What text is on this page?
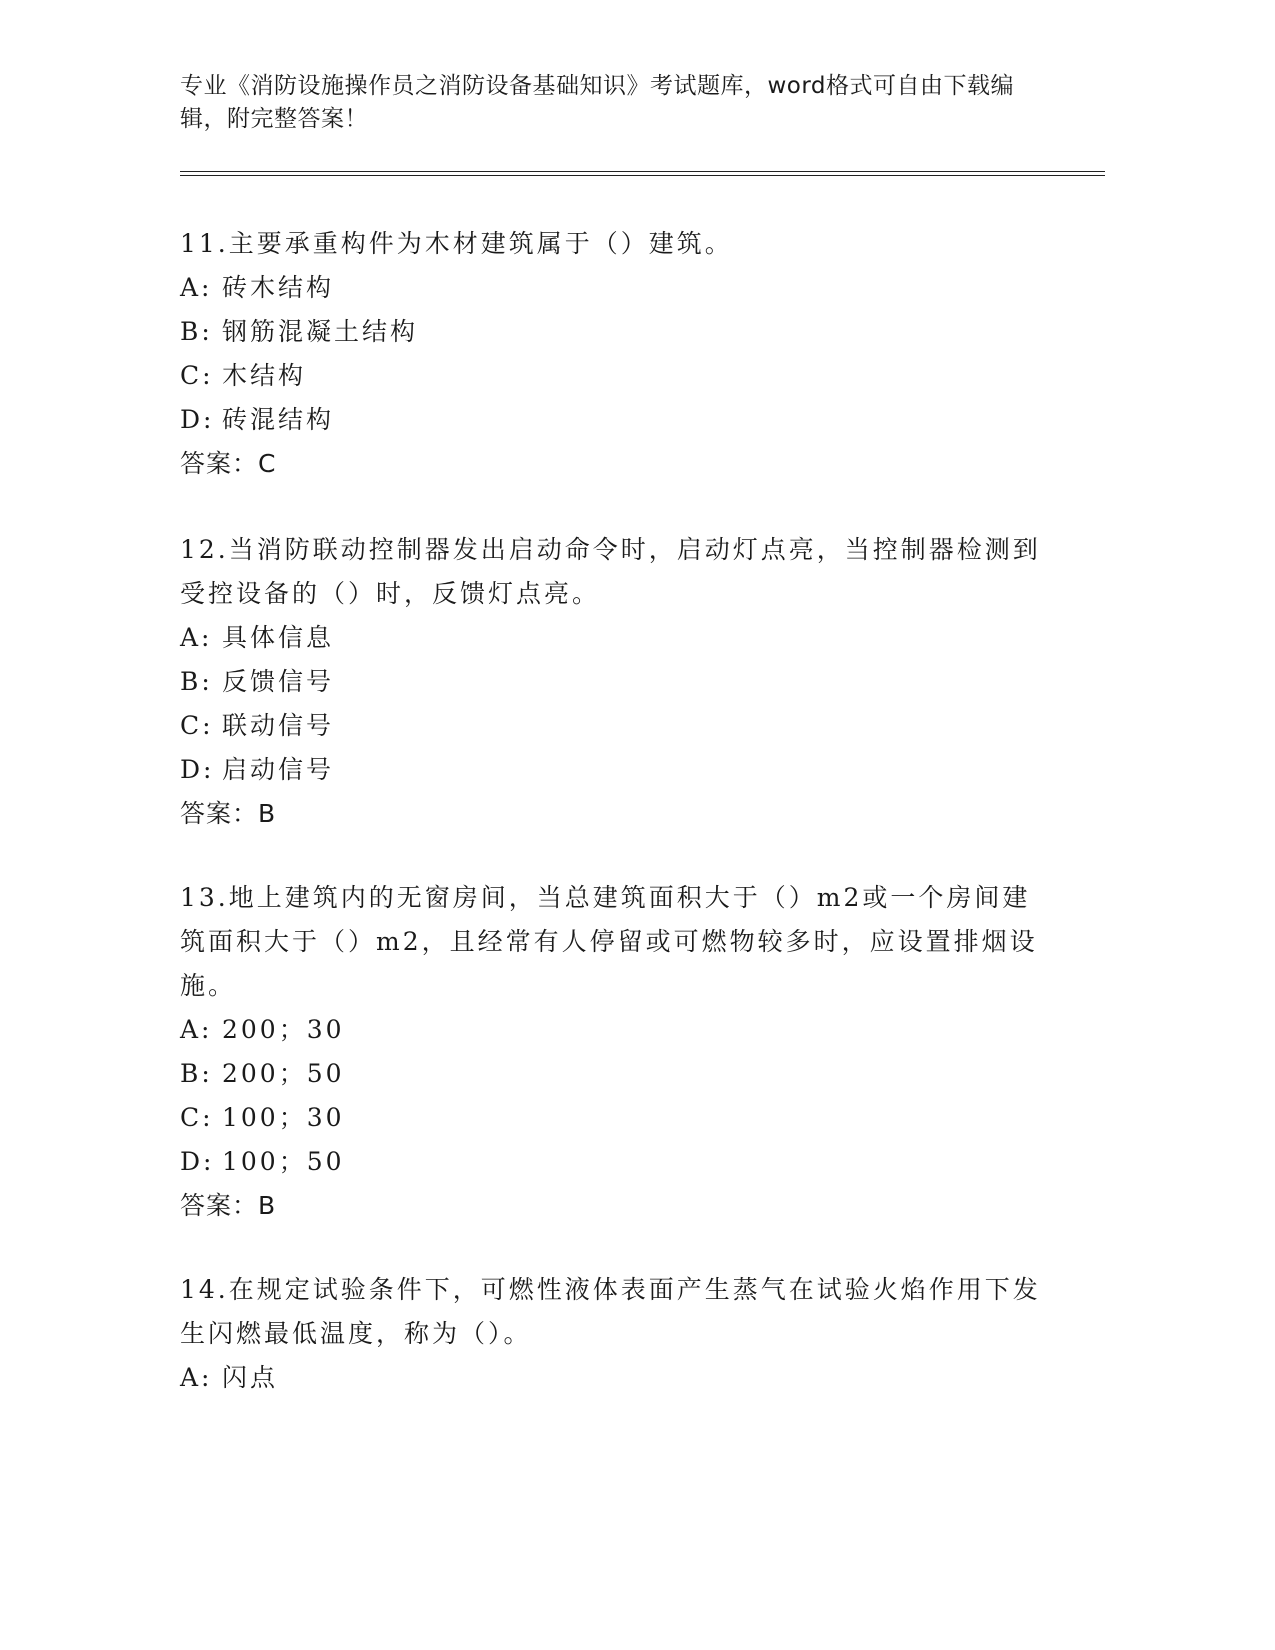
专业《消防设施操作员之消防设备基础知识》考试题库，word格式可自由下载编辑，附完整答案！
11.主要承重构件为木材建筑属于（）建筑。
A: 砖木结构
B: 钢筋混凝土结构
C: 木结构
D: 砖混结构
答案：C
12.当消防联动控制器发出启动命令时，启动灯点亮，当控制器检测到受控设备的（）时，反馈灯点亮。
A: 具体信息
B: 反馈信号
C: 联动信号
D: 启动信号
答案：B
13.地上建筑内的无窗房间，当总建筑面积大于（）m2或一个房间建筑面积大于（）m2，且经常有人停留或可燃物较多时，应设置排烟设施。
A: 200；30
B: 200；50
C: 100；30
D: 100；50
答案：B
14.在规定试验条件下，可燃性液体表面产生蒸气在试验火焰作用下发生闪燃最低温度，称为（）。
A: 闪点
